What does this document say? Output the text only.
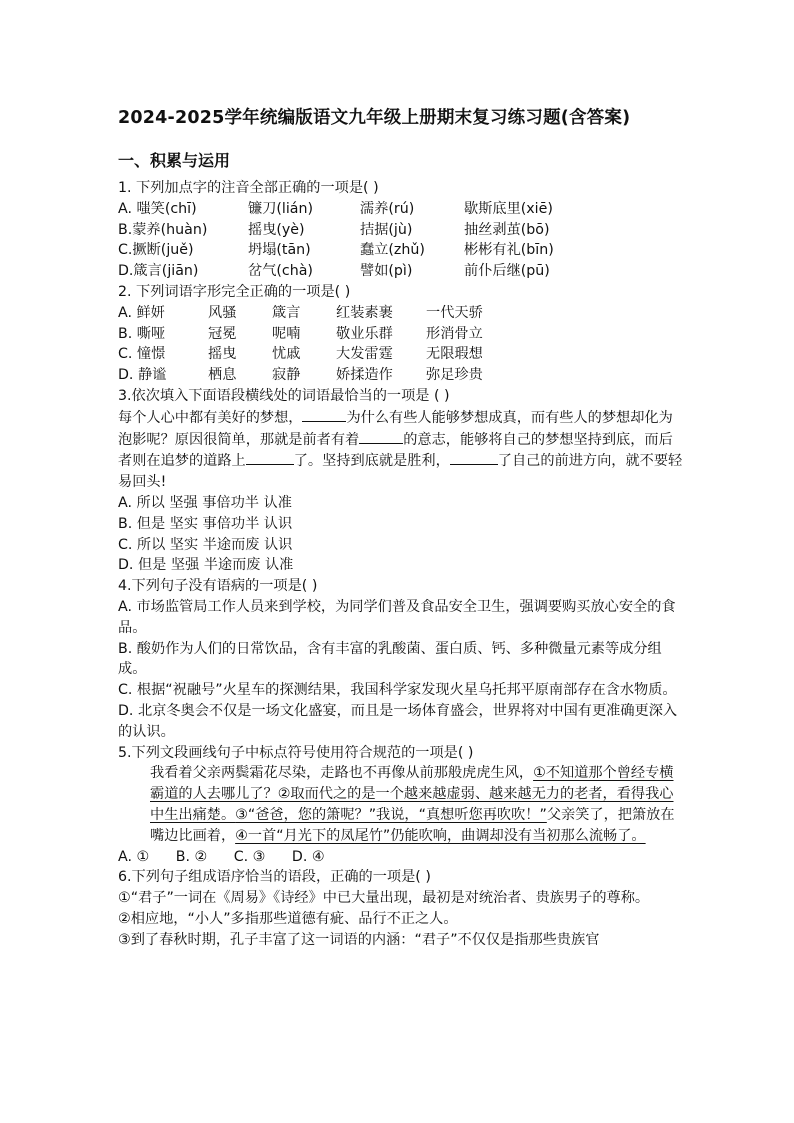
2024-2025学年统编版语文九年级上册期末复习练习题(含答案)
一、积累与运用
1. 下列加点字的注音全部正确的一项是( )
A. 嗤笑(chī)	镰刀(lián)	濡养(rú)	歇斯底里(xiē)
B.蒙养(huàn)	摇曳(yè)	拮据(jù)	抽丝剥茧(bō)
C.撅断(juě)	坍塌(tān)	蠢立(zhǔ)	彬彬有礼(bīn)
D.箴言(jiān)	岔气(chà)	譬如(pì)	前仆后继(pū)
2. 下列词语字形完全正确的一项是( )
A. 鲜妍	风骚	箴言	红装素裹	一代天骄
B. 嘶哑	冠冕	呢喃	敬业乐群	形消骨立
C. 憧憬	摇曳	忧戚	大发雷霆	无限瑕想
D. 静谧	栖息	寂静	娇揉造作	弥足珍贵
3.依次填入下面语段横线处的词语最恰当的一项是 ( )
每个人心中都有美好的梦想，	为什么有些人能够梦想成真，而有些人的梦想却化为泡影呢？原因很简单，那就是前者有着	的意志，能够将自己的梦想坚持到底，而后者则在追梦的道路上	了。坚持到底就是胜利，	了自己的前进方向，就不要轻易回头!
A. 所以 坚强 事倍功半 认准
B. 但是 坚实 事倍功半 认识
C. 所以 坚实 半途而废 认识
D. 但是 坚强 半途而废 认准
4.下列句子没有语病的一项是( )
A. 市场监管局工作人员来到学校，为同学们普及食品安全卫生，强调要购买放心安全的食品。
B. 酸奶作为人们的日常饮品，含有丰富的乳酸菌、蛋白质、钙、多种微量元素等成分组成。
C. 根据“祝融号”火星车的探测结果，我国科学家发现火星乌托邦平原南部存在含水物质。
D. 北京冬奥会不仅是一场文化盛宴，而且是一场体育盛会，世界将对中国有更准确更深入的认识。
5.下列文段画线句子中标点符号使用符合规范的一项是( )
我看着父亲两鬓霜花尽染，走路也不再像从前那般虎虎生风，①不知道那个曾经专横霸道的人去哪儿了？②取而代之的是一个越来越虚弱、越来越无力的老者，看得我心中生出痛楚。③“爸爸，您的箫呢？”我说，“真想听您再吹吹！”父亲笑了，把箫放在嘴边比画着，④一首“月光下的凤尾竹”仍能吹响，曲调却没有当初那么流畅了。
A. ① B. ② C. ③ D. ④
6.下列句子组成语序恰当的语段，正确的一项是( )
①“君子”一词在《周易》《诗经》中已大量出现，最初是对统治者、贵族男子的尊称。
②相应地，“小人”多指那些道德有疵、品行不正之人。
③到了春秋时期，孔子丰富了这一词语的内涵：“君子”不仅仅是指那些贵族官
